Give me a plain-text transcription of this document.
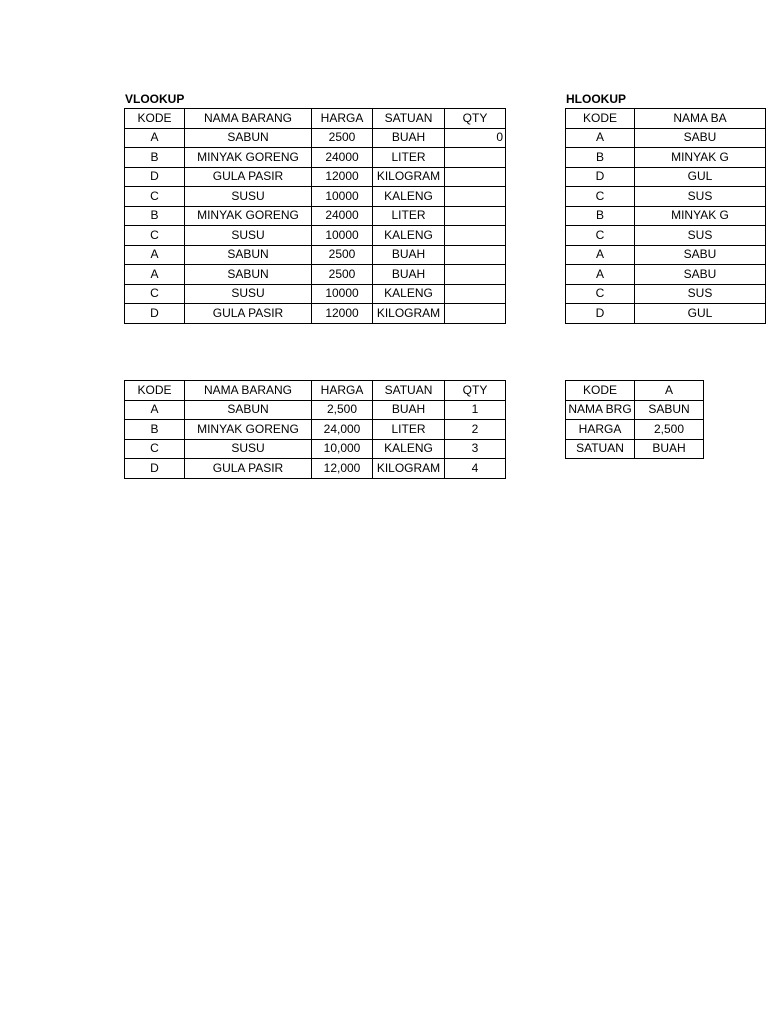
VLOOKUP	HLOOKUP
KODE	NAMA BARANG	HARGA	SATUAN	QTY
A	SABUN	2500	BUAH	0
B	MINYAK GORENG	24000	LITER	
D	GULA PASIR	12000	KILOGRAM	
C	SUSU	10000	KALENG	
B	MINYAK GORENG	24000	LITER	
C	SUSU	10000	KALENG	
A	SABUN	2500	BUAH	
A	SABUN	2500	BUAH	
C	SUSU	10000	KALENG	
D	GULA PASIR	12000	KILOGRAM	
KODE	NAMA BA
A	SABU
B	MINYAK G
D	GUL
C	SUS
B	MINYAK G
C	SUS
A	SABU
A	SABU
C	SUS
D	GUL
KODE	NAMA BARANG	HARGA	SATUAN	QTY
A	SABUN	2,500	BUAH	1
B	MINYAK GORENG	24,000	LITER	2
C	SUSU	10,000	KALENG	3
D	GULA PASIR	12,000	KILOGRAM	4
KODE	A
NAMA BRG	SABUN
HARGA	2,500
SATUAN	BUAH
